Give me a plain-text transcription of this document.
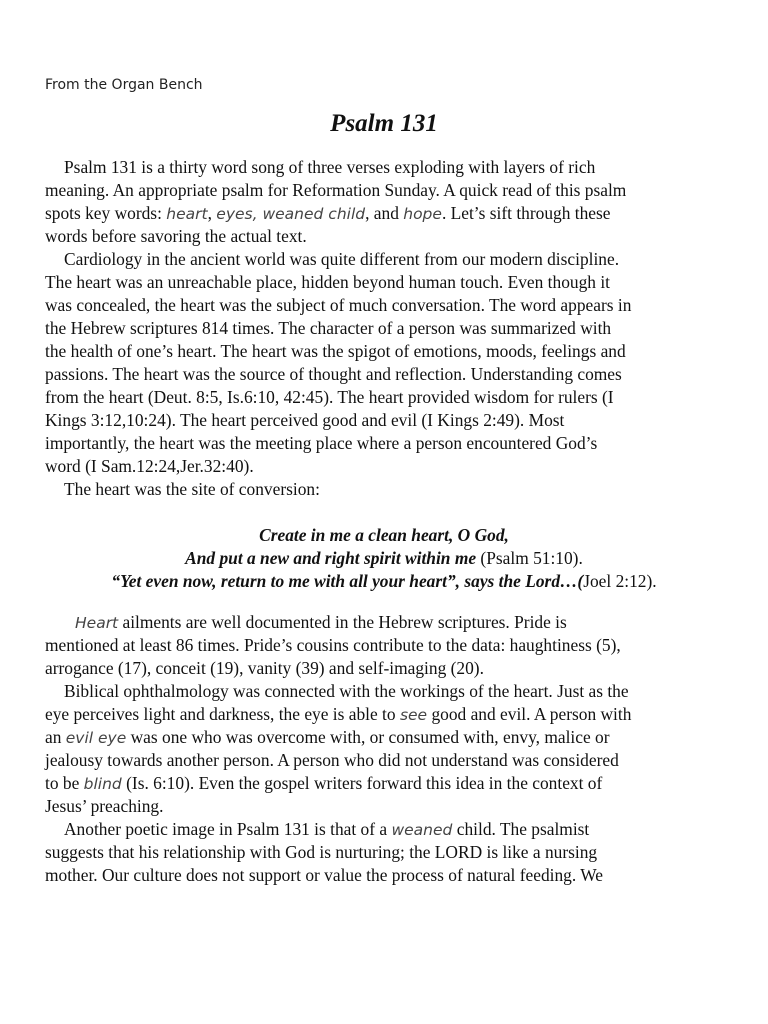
From the Organ Bench
Psalm 131
Psalm 131 is a thirty word song of three verses exploding with layers of rich
meaning. An appropriate psalm for Reformation Sunday. A quick read of this psalm
spots key words: heart, eyes, weaned child, and hope. Let’s sift through these
words before savoring the actual text.
Cardiology in the ancient world was quite different from our modern discipline.
The heart was an unreachable place, hidden beyond human touch. Even though it
was concealed, the heart was the subject of much conversation. The word appears in
the Hebrew scriptures 814 times. The character of a person was summarized with
the health of one’s heart. The heart was the spigot of emotions, moods, feelings and
passions. The heart was the source of thought and reflection. Understanding comes
from the heart (Deut. 8:5, Is.6:10, 42:45). The heart provided wisdom for rulers (I
Kings 3:12,10:24). The heart perceived good and evil (I Kings 2:49). Most
importantly, the heart was the meeting place where a person encountered God’s
word (I Sam.12:24,Jer.32:40).
The heart was the site of conversion:
Create in me a clean heart, O God,
And put a new and right spirit within me (Psalm 51:10).
“Yet even now, return to me with all your heart”, says the Lord…(Joel 2:12).
Heart ailments are well documented in the Hebrew scriptures. Pride is
mentioned at least 86 times. Pride’s cousins contribute to the data: haughtiness (5),
arrogance (17), conceit (19), vanity (39) and self-imaging (20).
Biblical ophthalmology was connected with the workings of the heart. Just as the
eye perceives light and darkness, the eye is able to see good and evil. A person with
an evil eye was one who was overcome with, or consumed with, envy, malice or
jealousy towards another person. A person who did not understand was considered
to be blind (Is. 6:10). Even the gospel writers forward this idea in the context of
Jesus’ preaching.
Another poetic image in Psalm 131 is that of a weaned child. The psalmist
suggests that his relationship with God is nurturing; the LORD is like a nursing
mother. Our culture does not support or value the process of natural feeding. We
